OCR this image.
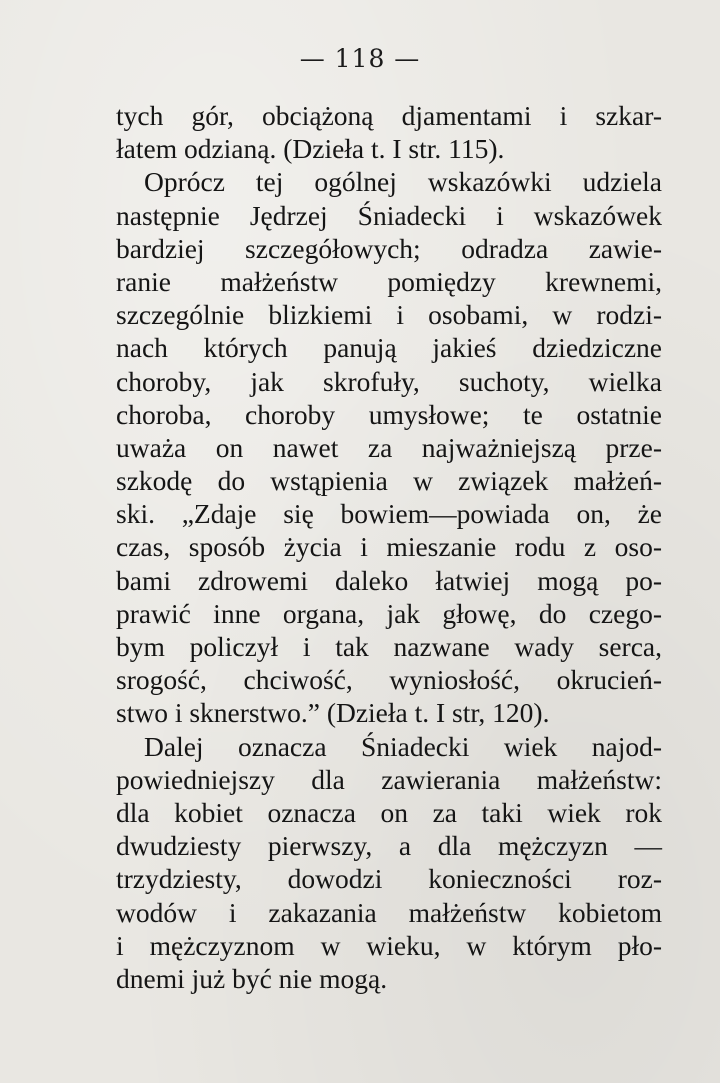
— 118 —
tych gór, obciążoną djamentami i szkar-
łatem odzianą. (Dzieła t. I str. 115).
Oprócz tej ogólnej wskazówki udziela
następnie Jędrzej Śniadecki i wskazówek
bardziej szczegółowych; odradza zawie-
ranie małżeństw pomiędzy krewnemi,
szczególnie blizkiemi i osobami, w rodzi-
nach których panują jakieś dziedziczne
choroby, jak skrofuły, suchoty, wielka
choroba, choroby umysłowe; te ostatnie
uważa on nawet za najważniejszą prze-
szkodę do wstąpienia w związek małżeń-
ski. „Zdaje się bowiem—powiada on, że
czas, sposób życia i mieszanie rodu z oso-
bami zdrowemi daleko łatwiej mogą po-
prawić inne organa, jak głowę, do czego-
bym policzył i tak nazwane wady serca,
srogość, chciwość, wyniosłość, okrucień-
stwo i sknerstwo.” (Dzieła t. I str, 120).
Dalej oznacza Śniadecki wiek najod-
powiedniejszy dla zawierania małżeństw:
dla kobiet oznacza on za taki wiek rok
dwudziesty pierwszy, a dla mężczyzn —
trzydziesty, dowodzi konieczności roz-
wodów i zakazania małżeństw kobietom
i mężczyznom w wieku, w którym pło-
dnemi już być nie mogą.
